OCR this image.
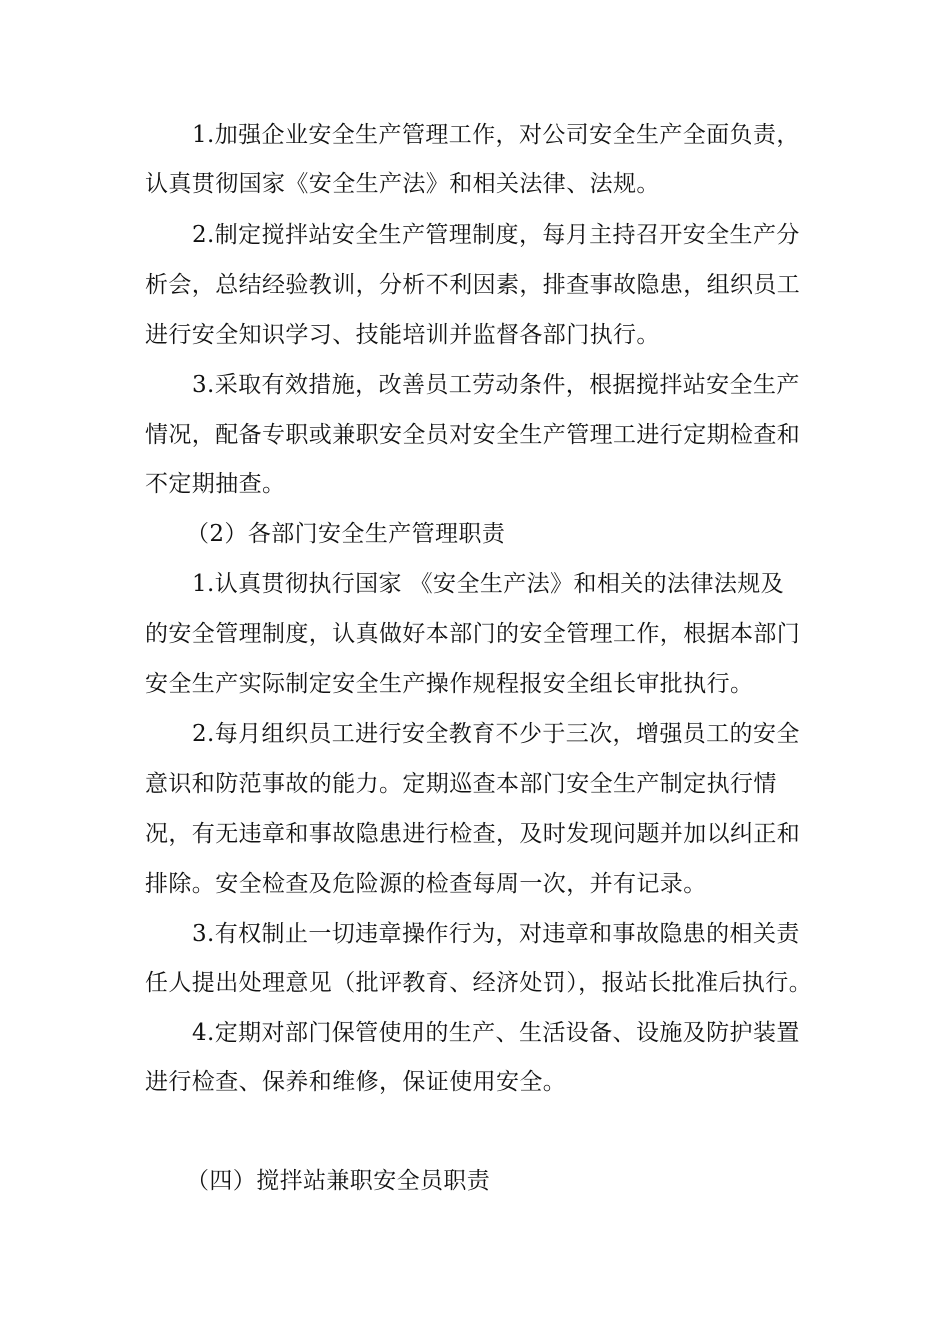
1.加强企业安全生产管理工作，对公司安全生产全面负责，
认真贯彻国家《安全生产法》和相关法律、法规。
2.制定搅拌站安全生产管理制度，每月主持召开安全生产分
析会，总结经验教训，分析不利因素，排查事故隐患，组织员工
进行安全知识学习、技能培训并监督各部门执行。
3.采取有效措施，改善员工劳动条件，根据搅拌站安全生产
情况，配备专职或兼职安全员对安全生产管理工进行定期检查和
不定期抽查。
（2）各部门安全生产管理职责
1.认真贯彻执行国家 《安全生产法》和相关的法律法规及
的安全管理制度，认真做好本部门的安全管理工作，根据本部门
安全生产实际制定安全生产操作规程报安全组长审批执行。
2.每月组织员工进行安全教育不少于三次，增强员工的安全
意识和防范事故的能力。定期巡查本部门安全生产制定执行情
况，有无违章和事故隐患进行检查，及时发现问题并加以纠正和
排除。安全检查及危险源的检查每周一次，并有记录。
3.有权制止一切违章操作行为，对违章和事故隐患的相关责
任人提出处理意见（批评教育、经济处罚），报站长批准后执行。
4.定期对部门保管使用的生产、生活设备、设施及防护装置
进行检查、保养和维修，保证使用安全。
（四）搅拌站兼职安全员职责
